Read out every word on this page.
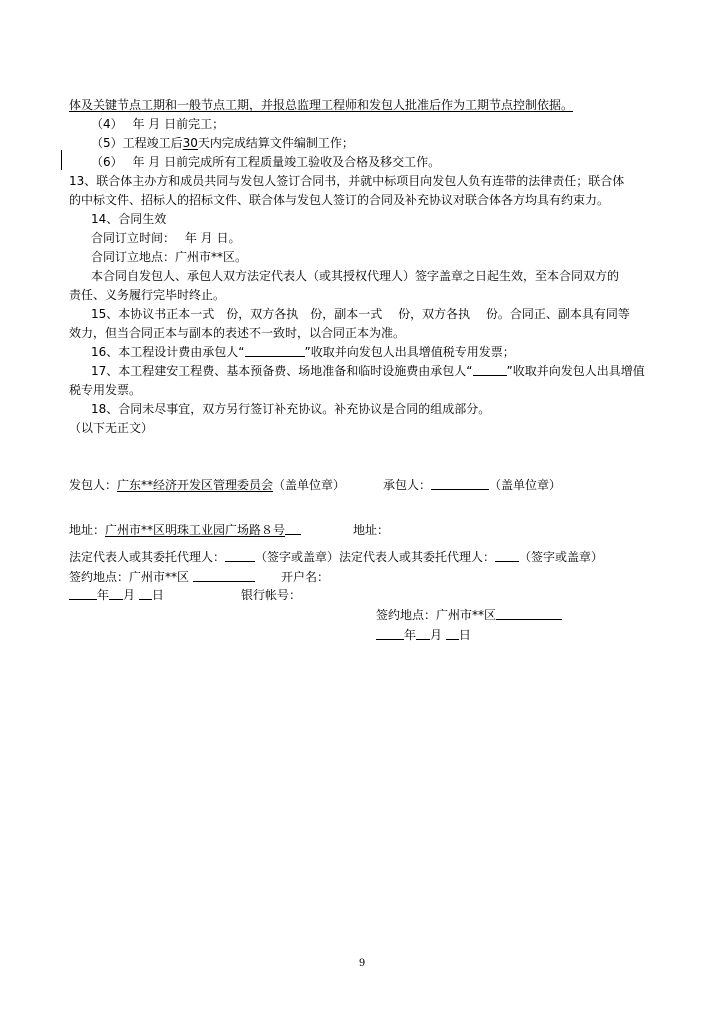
体及关键节点工期和一般节点工期，并报总监理工程师和发包人批准后作为工期节点控制依据。
（4）　 年 月 日前完工；
（5）工程竣工后30天内完成结算文件编制工作；
（6）　 年 月 日前完成所有工程质量竣工验收及合格及移交工作。
13、联合体主办方和成员共同与发包人签订合同书，并就中标项目向发包人负有连带的法律责任；联合体
的中标文件、招标人的招标文件、联合体与发包人签订的合同及补充协议对联合体各方均具有约束力。
14、合同生效
合同订立时间：　 年 月 日。
合同订立地点：广州市**区。
本合同自发包人、承包人双方法定代表人（或其授权代理人）签字盖章之日起生效，至本合同双方的
责任、义务履行完毕时终止。
15、本协议书正本一式　份，双方各执　份，副本一式　 份，双方各执　 份。合同正、副本具有同等
效力，但当合同正本与副本的表述不一致时，以合同正本为准。
16、本工程设计费由承包人“	”收取并向发包人出具增值税专用发票；
17、本工程建安工程费、基本预备费、场地准备和临时设施费由承包人“	”收取并向发包人出具增值
税专用发票。
18、合同未尽事宜，双方另行签订补充协议。补充协议是合同的组成部分。
（以下无正文）
发包人：广东**经济开发区管理委员会（盖单位章）	承包人：	（盖单位章）
地址：广州市**区明珠工业园广场路８号	地址：
法定代表人或其委托代理人：	（签字或盖章）法定代表人或其委托代理人： （签字或盖章）
签约地点：广州市**区	开户名：
年 月 日	银行帐号：
签约地点：广州市**区
年 月 日
9
